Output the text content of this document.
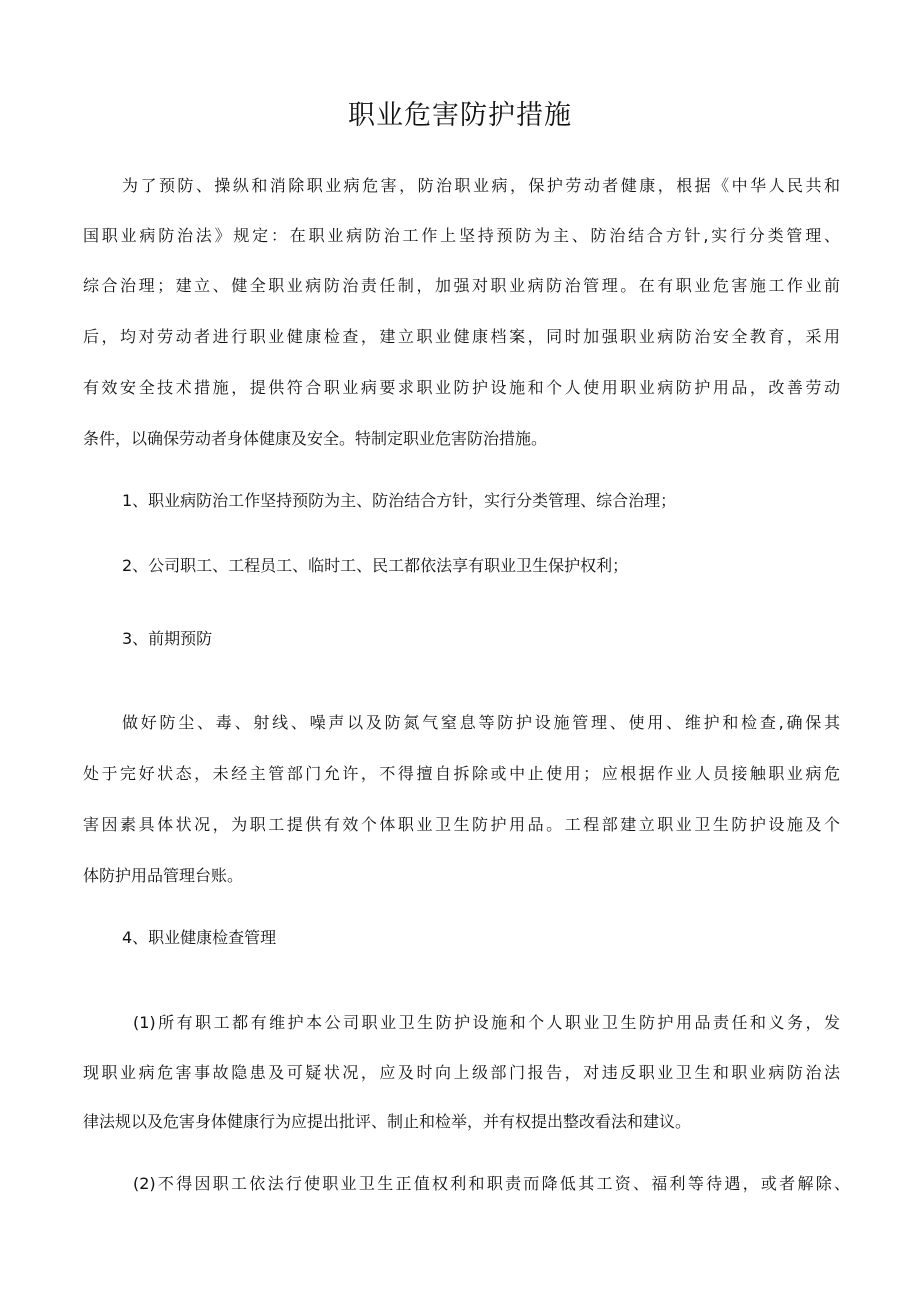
职业危害防护措施
为了预防、操纵和消除职业病危害，防治职业病，保护劳动者健康，根据《中华人民共和
国职业病防治法》规定：在职业病防治工作上坚持预防为主、防治结合方针,实行分类管理、
综合治理；建立、健全职业病防治责任制，加强对职业病防治管理。在有职业危害施工作业前
后，均对劳动者进行职业健康检查，建立职业健康档案，同时加强职业病防治安全教育，采用
有效安全技术措施，提供符合职业病要求职业防护设施和个人使用职业病防护用品，改善劳动
条件，以确保劳动者身体健康及安全。特制定职业危害防治措施。
1、职业病防治工作坚持预防为主、防治结合方针，实行分类管理、综合治理；
2、公司职工、工程员工、临时工、民工都依法享有职业卫生保护权利；
3、前期预防
做好防尘、毒、射线、噪声以及防氮气窒息等防护设施管理、使用、维护和检查,确保其
处于完好状态，未经主管部门允许，不得擅自拆除或中止使用；应根据作业人员接触职业病危
害因素具体状况，为职工提供有效个体职业卫生防护用品。工程部建立职业卫生防护设施及个
体防护用品管理台账。
4、职业健康检查管理
(1)所有职工都有维护本公司职业卫生防护设施和个人职业卫生防护用品责任和义务，发
现职业病危害事故隐患及可疑状况，应及时向上级部门报告，对违反职业卫生和职业病防治法
律法规以及危害身体健康行为应提出批评、制止和检举，并有权提出整改看法和建议。
(2)不得因职工依法行使职业卫生正值权利和职责而降低其工资、福利等待遇，或者解除、
